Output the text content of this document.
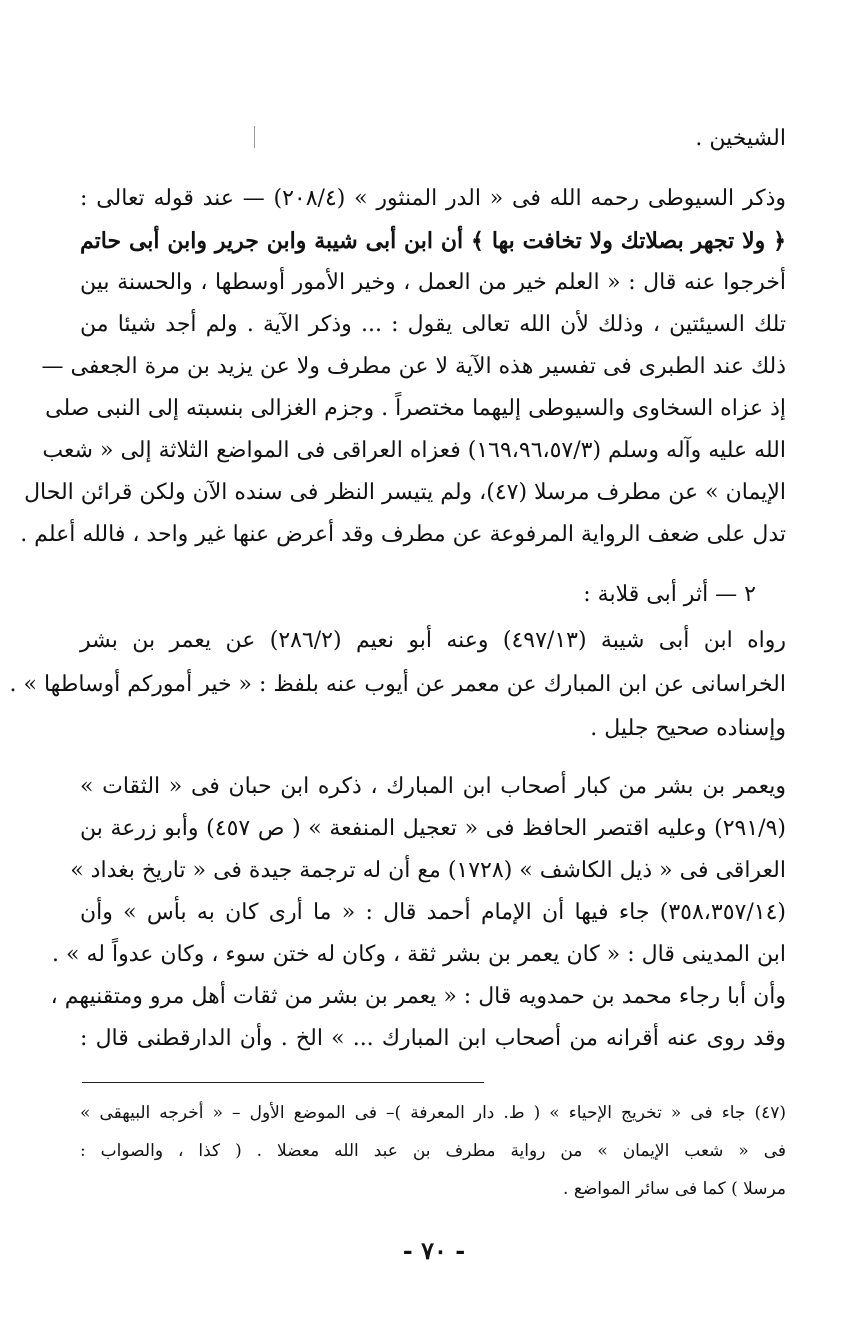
الشيخين .
وذكر السيوطى رحمه الله فى « الدر المنثور » (٢٠٨/٤) — عند قوله تعالى :
﴿ ولا تجهر بصلاتك ولا تخافت بها ﴾ أن ابن أبى شيبة وابن جرير وابن أبى حاتم
أخرجوا عنه قال : « العلم خير من العمل ، وخير الأمور أوسطها ، والحسنة بين
تلك السيئتين ، وذلك لأن الله تعالى يقول : ... وذكر الآية . ولم أجد شيئا من
ذلك عند الطبرى فى تفسير هذه الآية لا عن مطرف ولا عن يزيد بن مرة الجعفى —
إذ عزاه السخاوى والسيوطى إليهما مختصراً . وجزم الغزالى بنسبته إلى النبى صلى
الله عليه وآله وسلم (١٦٩،٩٦،٥٧/٣) فعزاه العراقى فى المواضع الثلاثة إلى « شعب
الإيمان » عن مطرف مرسلا (٤٧)، ولم يتيسر النظر فى سنده الآن ولكن قرائن الحال
تدل على ضعف الرواية المرفوعة عن مطرف وقد أعرض عنها غير واحد ، فالله أعلم .
٢ — أثر أبى قلابة :
رواه ابن أبى شيبة (٤٩٧/١٣) وعنه أبو نعيم (٢٨٦/٢) عن يعمر بن بشر
الخراسانى عن ابن المبارك عن معمر عن أيوب عنه بلفظ : « خير أموركم أوساطها » .
وإسناده صحيح جليل .
ويعمر بن بشر من كبار أصحاب ابن المبارك ، ذكره ابن حبان فى « الثقات »
(٢٩١/٩) وعليه اقتصر الحافظ فى « تعجيل المنفعة » ( ص ٤٥٧) وأبو زرعة بن
العراقى فى « ذيل الكاشف » (١٧٢٨) مع أن له ترجمة جيدة فى « تاريخ بغداد »
(٣٥٨،٣٥٧/١٤) جاء فيها أن الإمام أحمد قال : « ما أرى كان به بأس » وأن
ابن المدينى قال : « كان يعمر بن بشر ثقة ، وكان له ختن سوء ، وكان عدواً له » .
وأن أبا رجاء محمد بن حمدويه قال : « يعمر بن بشر من ثقات أهل مرو ومتقنيهم ،
وقد روى عنه أقرانه من أصحاب ابن المبارك ... » الخ . وأن الدارقطنى قال :
(٤٧) جاء فى « تخريج الإحياء » ( ط. دار المعرفة )– فى الموضع الأول – « أخرجه البيهقى »
فى « شعب الإيمان » من رواية مطرف بن عبد الله معضلا . ( كذا ، والصواب :
مرسلا ) كما فى سائر المواضع .
- ٧٠ -
